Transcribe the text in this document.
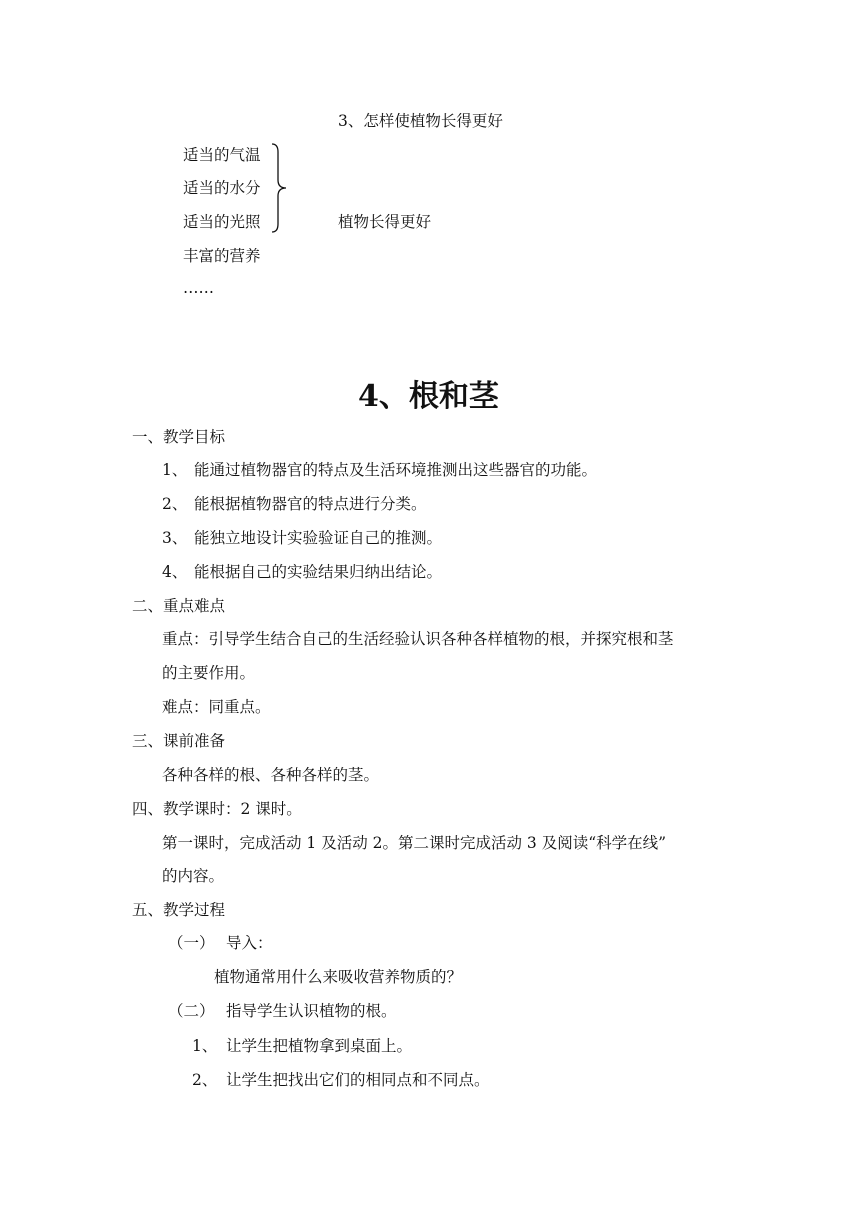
3、怎样使植物长得更好

适当的气温

适当的水分

适当的光照

丰富的营养

……

植物长得更好

4、根和茎

一、教学目标

1、 能通过植物器官的特点及生活环境推测出这些器官的功能。

2、 能根据植物器官的特点进行分类。

3、 能独立地设计实验验证自己的推测。

4、 能根据自己的实验结果归纳出结论。

二、重点难点

重点：引导学生结合自己的生活经验认识各种各样植物的根，并探究根和茎

的主要作用。

难点：同重点。

三、课前准备

各种各样的根、各种各样的茎。

四、教学课时：2 课时。

第一课时，完成活动 1 及活动 2。第二课时完成活动 3 及阅读“科学在线”

的内容。

五、教学过程

（一） 导入：

植物通常用什么来吸收营养物质的？

（二） 指导学生认识植物的根。

1、 让学生把植物拿到桌面上。

2、 让学生把找出它们的相同点和不同点。
